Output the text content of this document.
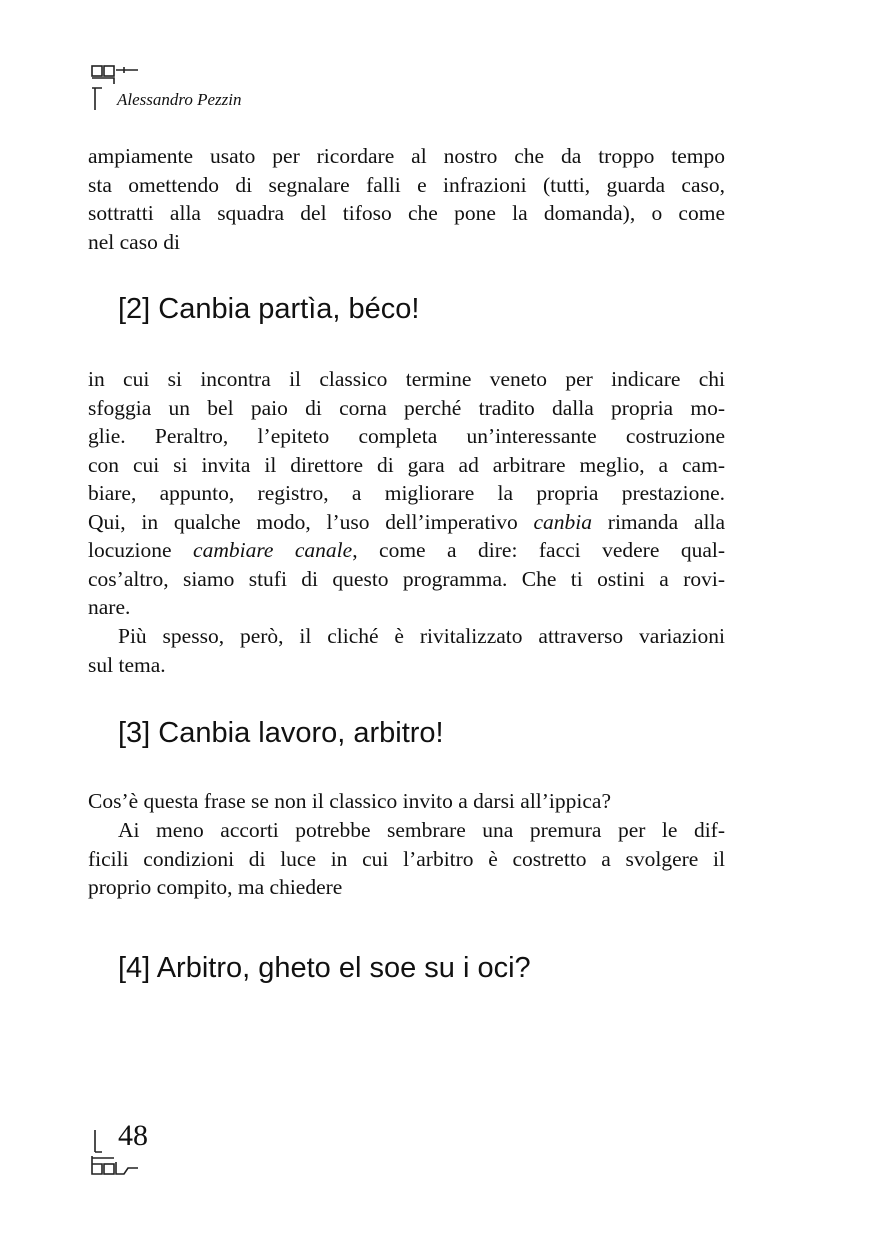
Alessandro Pezzin
ampiamente usato per ricordare al nostro che da troppo tempo
sta omettendo di segnalare falli e infrazioni (tutti, guarda caso,
sottratti alla squadra del tifoso che pone la domanda), o come
nel caso di
[2] Canbia partìa, béco!
in cui si incontra il classico termine veneto per indicare chi
sfoggia un bel paio di corna perché tradito dalla propria mo-
glie. Peraltro, l’epiteto completa un’interessante costruzione
con cui si invita il direttore di gara ad arbitrare meglio, a cam-
biare, appunto, registro, a migliorare la propria prestazione.
Qui, in qualche modo, l’uso dell’imperativo canbia rimanda alla
locuzione cambiare canale, come a dire: facci vedere qual-
cos’altro, siamo stufi di questo programma. Che ti ostini a rovi-
nare.
Più spesso, però, il cliché è rivitalizzato attraverso variazioni
sul tema.
[3] Canbia lavoro, arbitro!
Cos’è questa frase se non il classico invito a darsi all’ippica?
Ai meno accorti potrebbe sembrare una premura per le dif-
ficili condizioni di luce in cui l’arbitro è costretto a svolgere il
proprio compito, ma chiedere
[4] Arbitro, gheto el soe su i oci?
48
